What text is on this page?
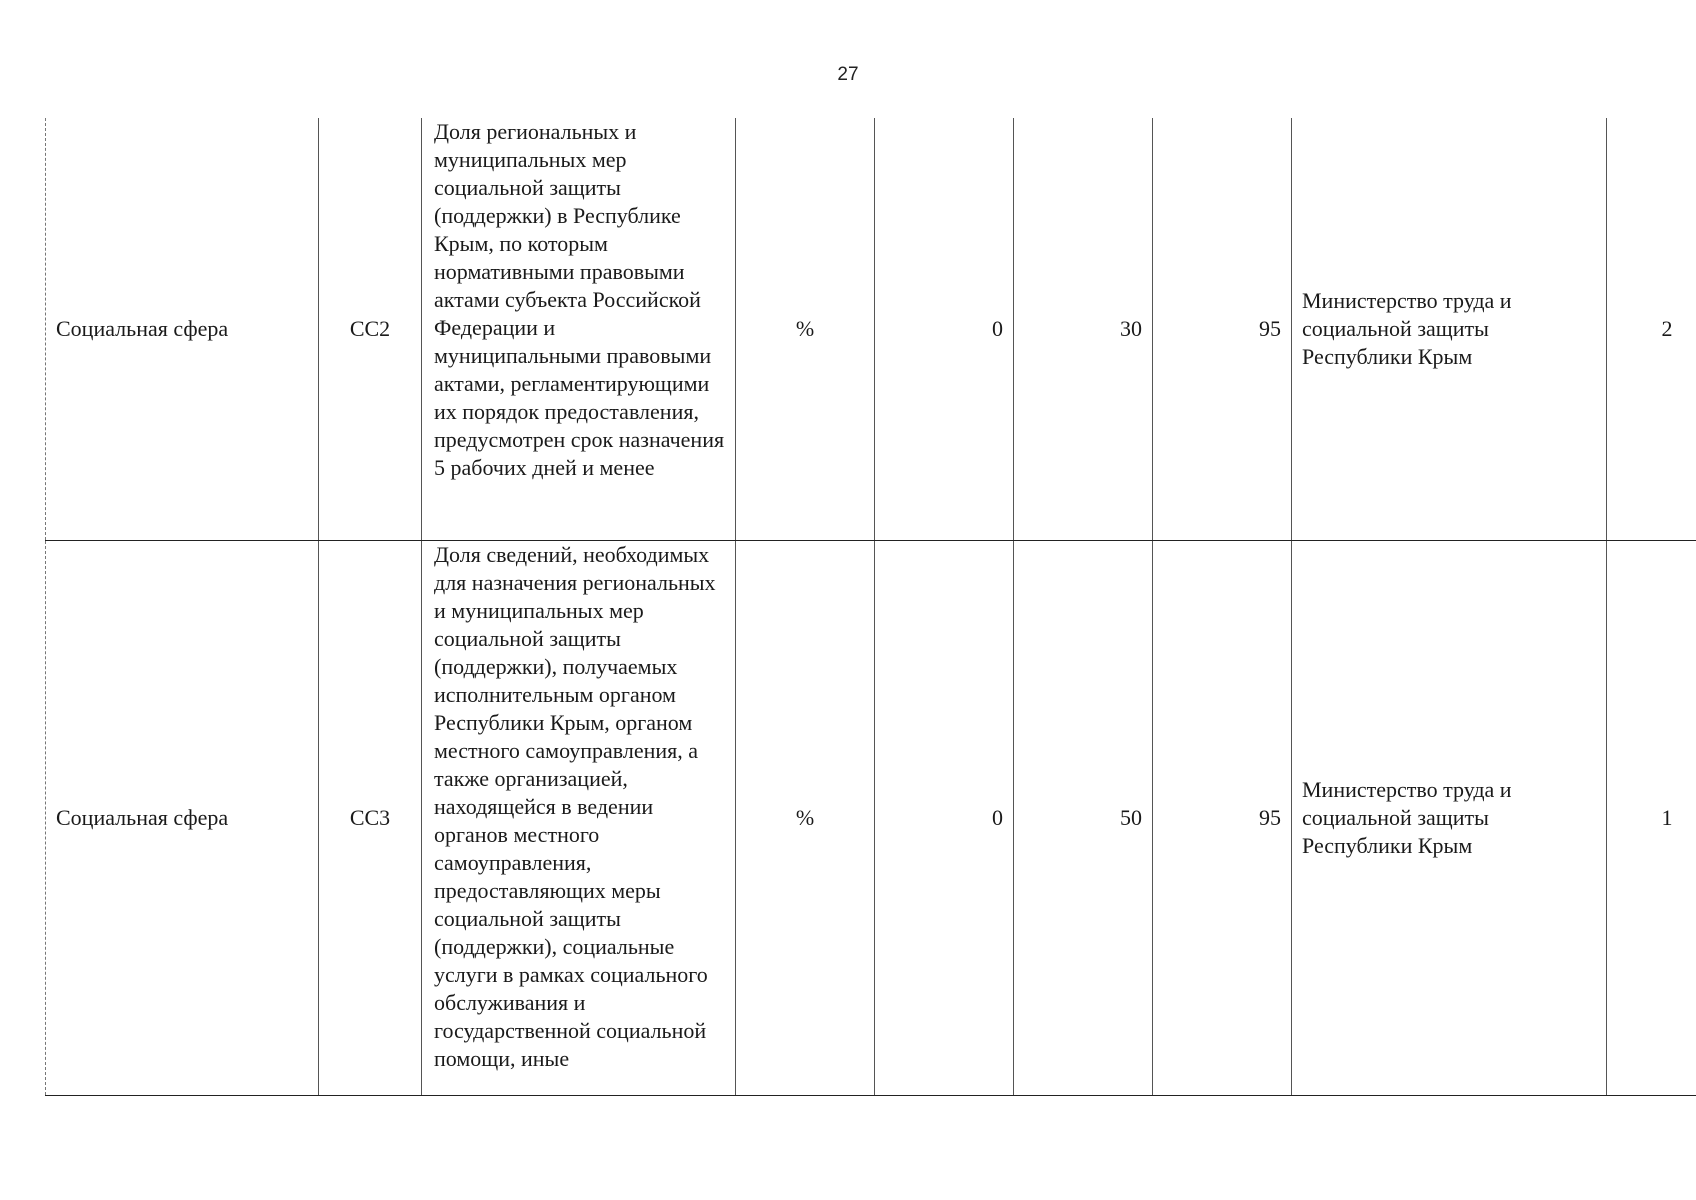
27
Социальная сфера	СС2	Доля региональных и муниципальных мер социальной защиты (поддержки) в Республике Крым, по которым нормативными правовыми актами субъекта Российской Федерации и муниципальными правовыми актами, регламентирующими их порядок предоставления, предусмотрен срок назначения 5 рабочих дней и менее	%	0	30	95	Министерство труда и социальной защиты Республики Крым	2
Социальная сфера	СС3	Доля сведений, необходимых для назначения региональных и муниципальных мер социальной защиты (поддержки), получаемых исполнительным органом Республики Крым, органом местного самоуправления, а также организацией, находящейся в ведении органов местного самоуправления, предоставляющих меры социальной защиты (поддержки), социальные услуги в рамках социального обслуживания и государственной социальной помощи, иные	%	0	50	95	Министерство труда и социальной защиты Республики Крым	1
